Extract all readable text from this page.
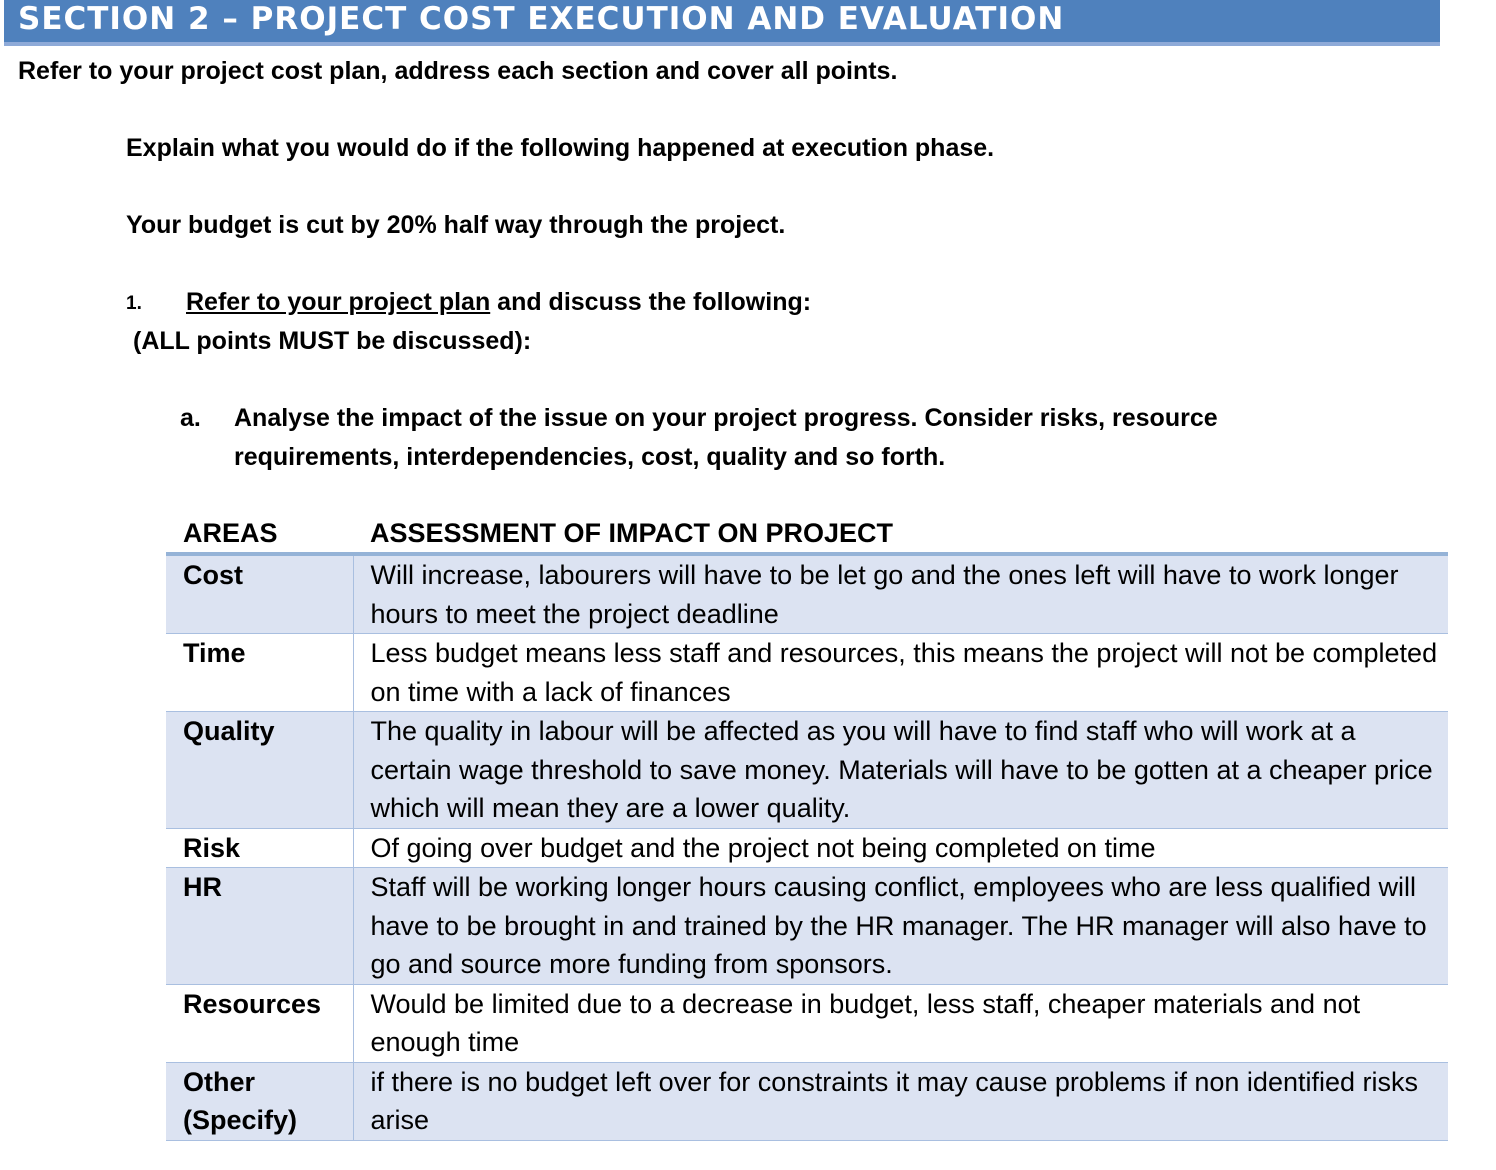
SECTION 2 – PROJECT COST EXECUTION AND EVALUATION
Refer to your project cost plan, address each section and cover all points.
Explain what you would do if the following happened at execution phase.
Your budget is cut by 20% half way through the project.
1. Refer to your project plan and discuss the following:
(ALL points MUST be discussed):
a. Analyse the impact of the issue on your project progress. Consider risks, resource
requirements, interdependencies, cost, quality and so forth.
AREAS	ASSESSMENT OF IMPACT ON PROJECT
Cost	Will increase, labourers will have to be let go and the ones left will have to work longer hours to meet the project deadline
Time	Less budget means less staff and resources, this means the project will not be completed on time with a lack of finances
Quality	The quality in labour will be affected as you will have to find staff who will work at a certain wage threshold to save money. Materials will have to be gotten at a cheaper price which will mean they are a lower quality.
Risk	Of going over budget and the project not being completed on time
HR	Staff will be working longer hours causing conflict, employees who are less qualified will have to be brought in and trained by the HR manager. The HR manager will also have to go and source more funding from sponsors.
Resources	Would be limited due to a decrease in budget, less staff, cheaper materials and not enough time
Other (Specify)	if there is no budget left over for constraints it may cause problems if non identified risks arise
